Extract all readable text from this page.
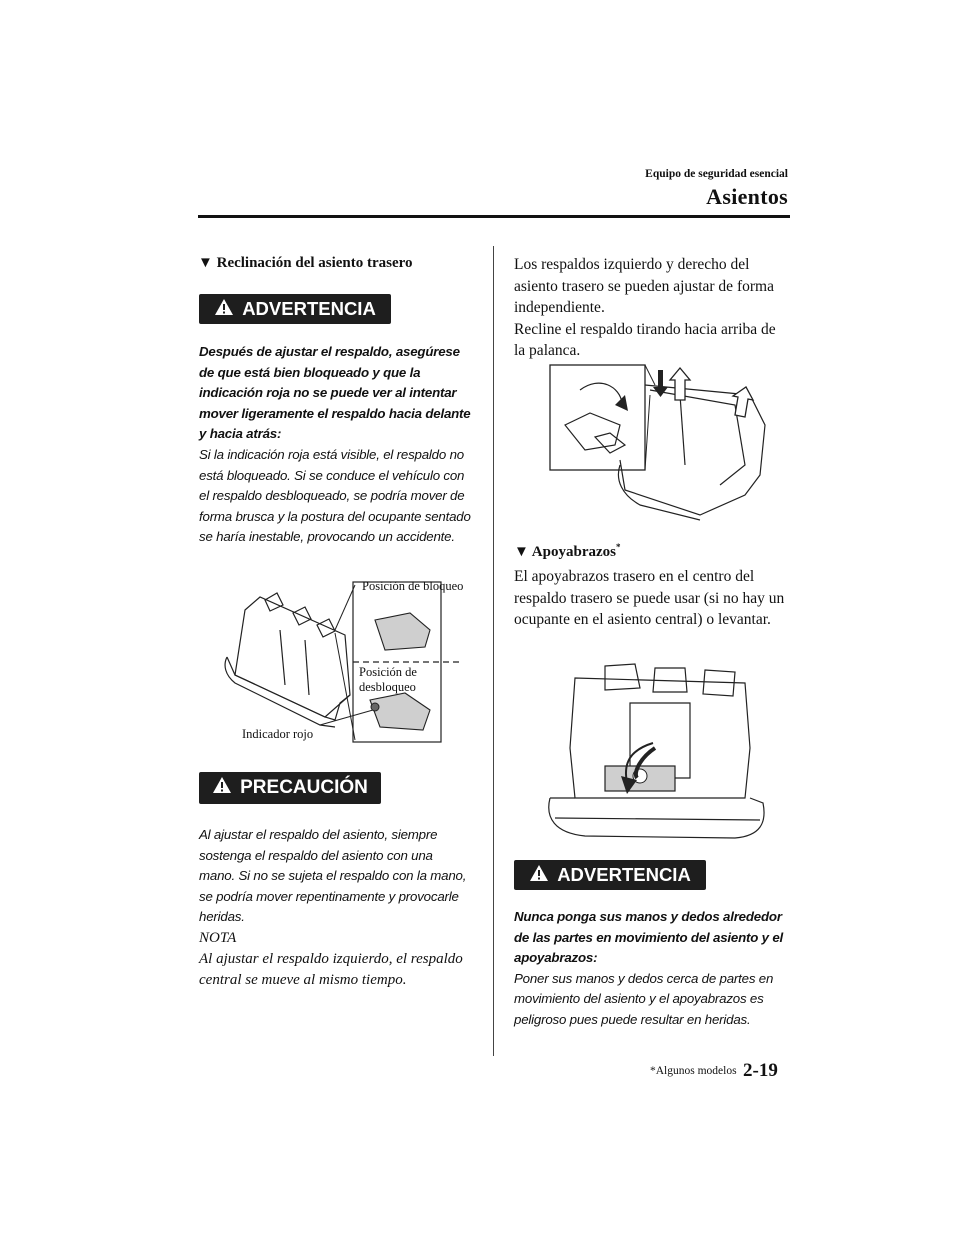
Equipo de seguridad esencial
Asientos
▼ Reclinación del asiento trasero
ADVERTENCIA
Después de ajustar el respaldo, asegúrese de que está bien bloqueado y que la indicación roja no se puede ver al intentar mover ligeramente el respaldo hacia delante y hacia atrás:
Si la indicación roja está visible, el respaldo no está bloqueado. Si se conduce el vehículo con el respaldo desbloqueado, se podría mover de forma brusca y la postura del ocupante sentado se haría inestable, provocando un accidente.
Posición de bloqueo
Posición de desbloqueo
Indicador rojo
PRECAUCIÓN
Al ajustar el respaldo del asiento, siempre sostenga el respaldo del asiento con una mano. Si no se sujeta el respaldo con la mano, se podría mover repentinamente y provocarle heridas.
NOTA
Al ajustar el respaldo izquierdo, el respaldo central se mueve al mismo tiempo.
Los respaldos izquierdo y derecho del asiento trasero se pueden ajustar de forma independiente.
Recline el respaldo tirando hacia arriba de la palanca.
▼ Apoyabrazos*
El apoyabrazos trasero en el centro del respaldo trasero se puede usar (si no hay un ocupante en el asiento central) o levantar.
ADVERTENCIA
Nunca ponga sus manos y dedos alrededor de las partes en movimiento del asiento y el apoyabrazos:
Poner sus manos y dedos cerca de partes en movimiento del asiento y el apoyabrazos es peligroso pues puede resultar en heridas.
*Algunos modelos 2-19
